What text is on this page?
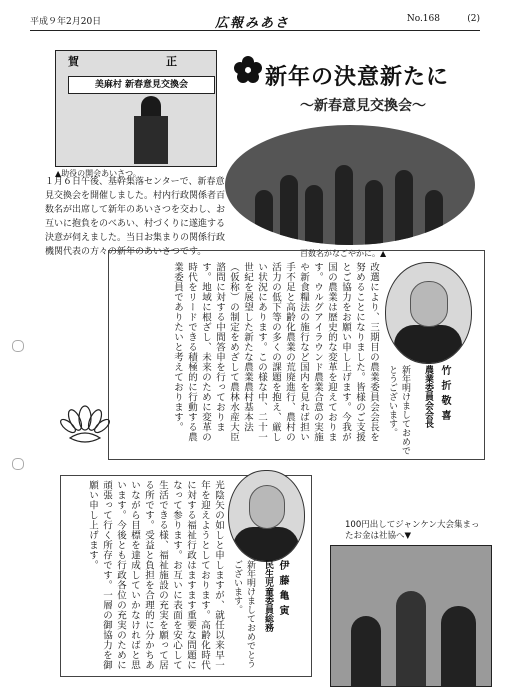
平成９年2月20日	広報みあさ	No.168	(2)
賀	正
美麻村 新春意見交換会
▲助役の開会あいさつ。
新年の決意新たに
～新春意見交換会～
百数名がなごやかに。▲
１月６日午後、基幹集落センターで、新春意見交換会を開催しました。村内行政関係者百数名が出席して新年のあいさつを交わし、お互いに抱負をのべあい、村づくりに遂進する決意が伺えました。当日お集まりの関係行政機関代表の方々の新年のあいさつです。
新年明けましておめでとうございます。	農業委員会会長 竹折敬喜
改選により、三期目の農業委員会会長を努めることになりました。皆様のご支援とご協力をお願い申し上げます。今我が国の農業は歴史的な変革を迎えております。ウルグアイラウンド農業合意の実施や新食糧法の施行など国内を見れば担い手不足と高齢化農業の荒廃進行、農村の活力の低下等の多くの課題を抱え、厳しい状況にあります。この様な中、二十一世紀を展望した新たな農業農村基本法（仮称）の制定をめざして農林水産大臣諮問に対する中間答申を行っております。地域に根ざし、未来のために変革の時代をリードできる積極的に行動する農業委員でありたいと考えております。
新年明けましておめでとうございます。	民生児童委員総務 伊藤亀寅
光陰矢の如しと申しますが、就任以来早一年を迎えようとしております。高齢化時代に対する福祉行政はますます重要な問題になって参ります。お互いに表面を安心して生活できる様、福祉施設の充実を願って居る所です。受益と負担を合理的に分かちあいながら目標を達成していかなければと思います。今後とも行政各位の充実のために頑張って行く所存です。一層の御協力を御願い申し上げます。	100円出してジャンケン大会集まったお金は社協へ▼
